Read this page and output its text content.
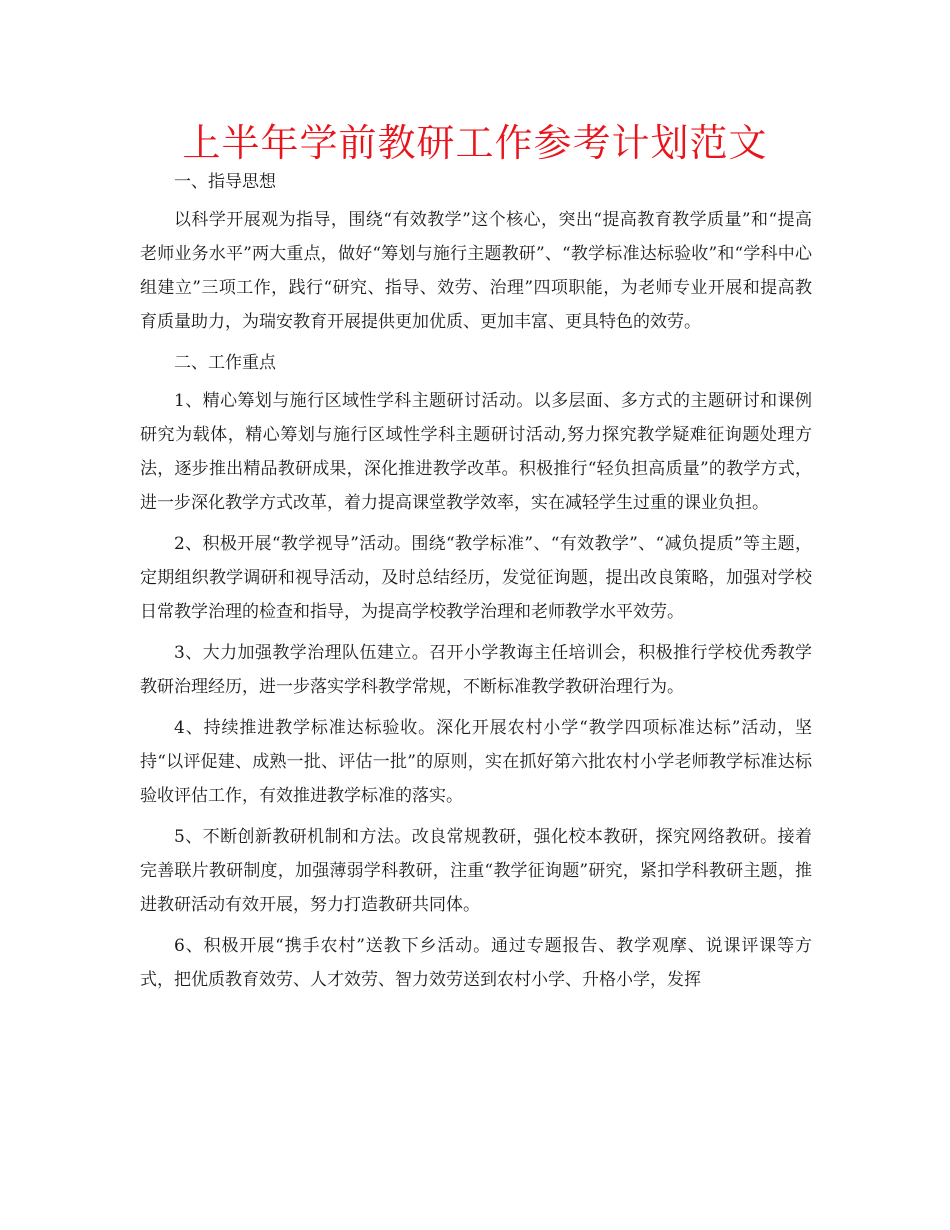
上半年学前教研工作参考计划范文

一、指导思想

以科学开展观为指导，围绕“有效教学”这个核心，突出“提高教育教学质量”和“提高老师业务水平”两大重点，做好“筹划与施行主题教研”、“教学标准达标验收”和“学科中心组建立”三项工作，践行“研究、指导、效劳、治理”四项职能，为老师专业开展和提高教育质量助力，为瑞安教育开展提供更加优质、更加丰富、更具特色的效劳。

二、工作重点

1、精心筹划与施行区域性学科主题研讨活动。以多层面、多方式的主题研讨和课例研究为载体，精心筹划与施行区域性学科主题研讨活动,努力探究教学疑难征询题处理方法，逐步推出精品教研成果，深化推进教学改革。积极推行“轻负担高质量”的教学方式，进一步深化教学方式改革，着力提高课堂教学效率，实在减轻学生过重的课业负担。

2、积极开展“教学视导”活动。围绕“教学标准”、“有效教学”、“减负提质”等主题，定期组织教学调研和视导活动，及时总结经历，发觉征询题，提出改良策略，加强对学校日常教学治理的检查和指导，为提高学校教学治理和老师教学水平效劳。

3、大力加强教学治理队伍建立。召开小学教诲主任培训会，积极推行学校优秀教学教研治理经历，进一步落实学科教学常规，不断标准教学教研治理行为。

4、持续推进教学标准达标验收。深化开展农村小学“教学四项标准达标”活动，坚持“以评促建、成熟一批、评估一批”的原则，实在抓好第六批农村小学老师教学标准达标验收评估工作，有效推进教学标准的落实。

5、不断创新教研机制和方法。改良常规教研，强化校本教研，探究网络教研。接着完善联片教研制度，加强薄弱学科教研，注重“教学征询题”研究，紧扣学科教研主题，推进教研活动有效开展，努力打造教研共同体。

6、积极开展“携手农村”送教下乡活动。通过专题报告、教学观摩、说课评课等方式，把优质教育效劳、人才效劳、智力效劳送到农村小学、升格小学，发挥
